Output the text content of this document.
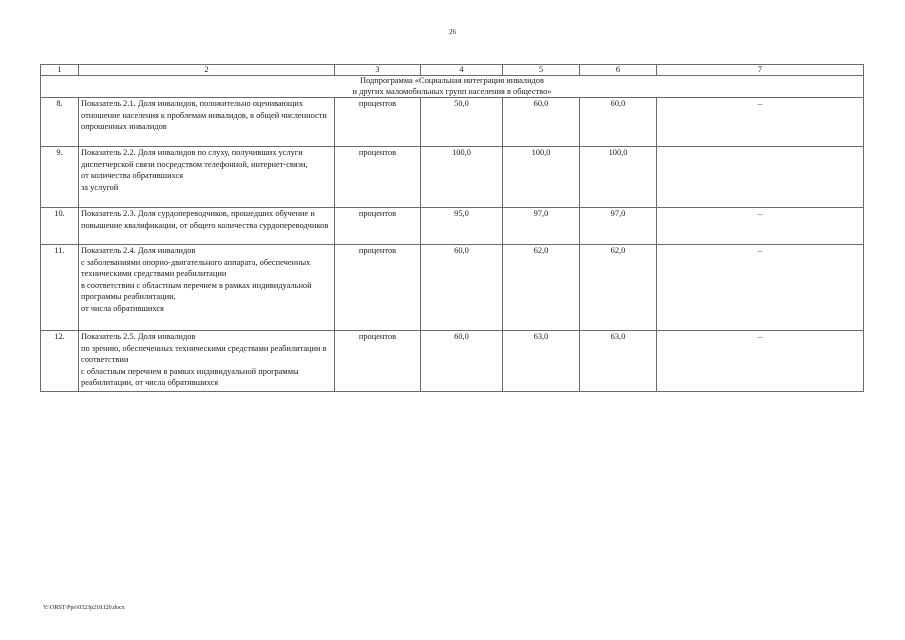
26
1	2	3	4	5	6	7

Подпрограмма «Социальная интеграция инвалидов
и других маломобильных групп населения в общество»						

8.	Показатель 2.1. Доля инвалидов, положительно оценивающих отношение населения к проблемам инвалидов, в общей численности опрошенных инвалидов	процентов	50,0	60,0	60,0	–
9.	Показатель 2.2. Доля инвалидов по слуху, получивших услуги диспетчерской связи посредством телефонной, интернет-связи,
от количества обратившихся
за услугой	процентов	100,0	100,0	100,0	
10.	Показатель 2.3. Доля сурдопереводчиков, прошедших обучение и повышение квалификации, от общего количества сурдопереводчиков	процентов	95,0	97,0	97,0	–
11.	Показатель 2.4. Доля инвалидов
с заболеваниями опорно-двигательного аппарата, обеспеченных техническими средствами реабилитации
в соответствии с областным перечнем в рамках индивидуальной программы реабилитации,
от числа обратившихся	процентов	60,0	62,0	62,0	–
12.	Показатель 2.5. Доля инвалидов
по зрению, обеспеченных техническими средствами реабилитации в соответствии
с областным перечнем в рамках индивидуальной программы реабилитации, от числа обратившихся	процентов	60,0	63,0	63,0	–
Y:\ORST\Ppo\0323p218.f20.docx
